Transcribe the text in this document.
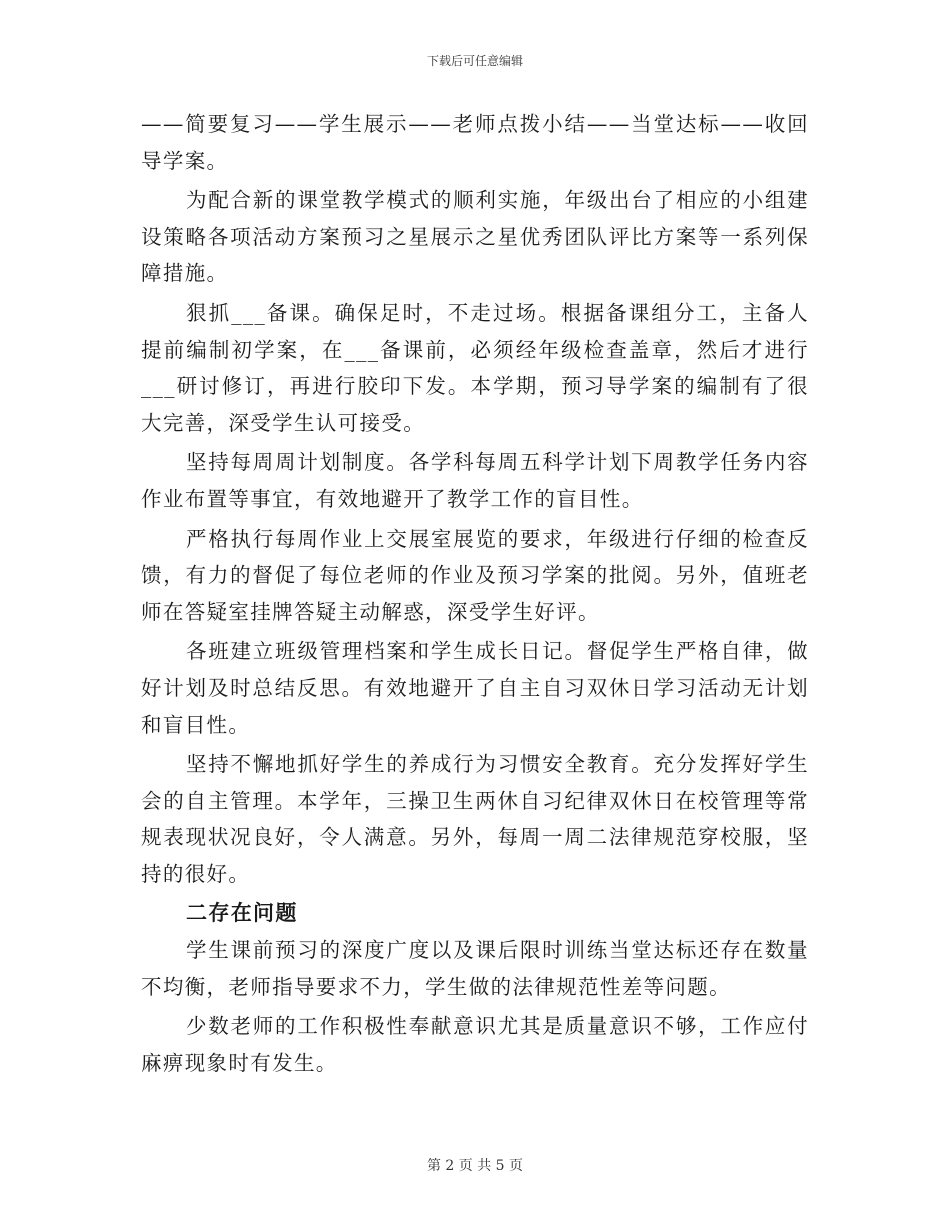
下载后可任意编辑

——简要复习——学生展示——老师点拨小结——当堂达标——收回导学案。

为配合新的课堂教学模式的顺利实施，年级出台了相应的小组建设策略各项活动方案预习之星展示之星优秀团队评比方案等一系列保障措施。

狠抓___备课。确保足时，不走过场。根据备课组分工，主备人提前编制初学案，在___备课前，必须经年级检查盖章，然后才进行___研讨修订，再进行胶印下发。本学期，预习导学案的编制有了很大完善，深受学生认可接受。

坚持每周周计划制度。各学科每周五科学计划下周教学任务内容作业布置等事宜，有效地避开了教学工作的盲目性。

严格执行每周作业上交展室展览的要求，年级进行仔细的检查反馈，有力的督促了每位老师的作业及预习学案的批阅。另外，值班老师在答疑室挂牌答疑主动解惑，深受学生好评。

各班建立班级管理档案和学生成长日记。督促学生严格自律，做好计划及时总结反思。有效地避开了自主自习双休日学习活动无计划和盲目性。

坚持不懈地抓好学生的养成行为习惯安全教育。充分发挥好学生会的自主管理。本学年，三操卫生两休自习纪律双休日在校管理等常规表现状况良好，令人满意。另外，每周一周二法律规范穿校服，坚持的很好。

二存在问题

学生课前预习的深度广度以及课后限时训练当堂达标还存在数量不均衡，老师指导要求不力，学生做的法律规范性差等问题。

少数老师的工作积极性奉献意识尤其是质量意识不够，工作应付麻痹现象时有发生。

第 2 页 共 5 页
